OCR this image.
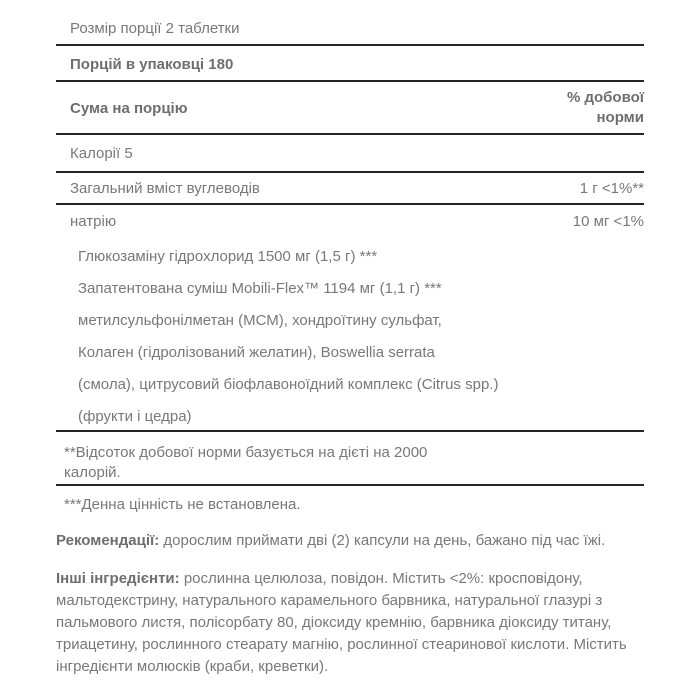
Розмір порції 2 таблетки
Порцій в упаковці 180
Сума на порцію
% добової норми
Калорії 5
Загальний вміст вуглеводів	1 г <1%**
натрію	10 мг <1%
Глюкозаміну гідрохлорид 1500 мг (1,5 г) ***
Запатентована суміш Mobili-Flex™ 1194 мг (1,1 г) ***
метилсульфонілметан (МСМ), хондроїтину сульфат,
Колаген (гідролізований желатин), Boswellia serrata
(смола), цитрусовий біофлавоноїдний комплекс (Citrus spp.)
(фрукти і цедра)
**Відсоток добової норми базується на дієті на 2000 калорій.
***Денна цінність не встановлена.
Рекомендації: дорослим приймати дві (2) капсули на день, бажано під час їжі.
Інші інгредієнти: рослинна целюлоза, повідон. Містить <2%: кросповідону, мальтодекстрину, натурального карамельного барвника, натуральної глазурі з пальмового листя, полісорбату 80, діоксиду кремнію, барвника діоксиду титану, триацетину, рослинного стеарату магнію, рослинної стеаринової кислоти. Містить інгредієнти молюсків (краби, креветки).
